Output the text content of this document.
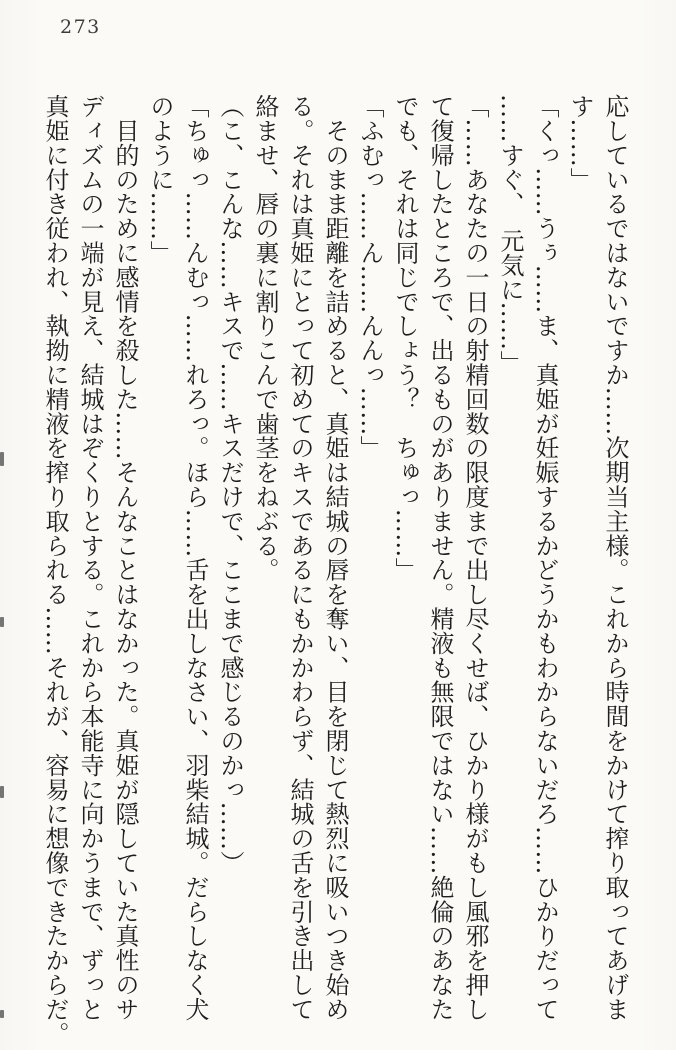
273
応しているではないですか……次期当主様。これから時間をかけて搾り取ってあげま
す……」
「くっ……うぅ……ま、真姫が妊娠するかどうかもわからないだろ……ひかりだって
……すぐ、　元気に……」
「……あなたの一日の射精回数の限度まで出し尽くせば、ひかり様がもし風邪を押し
て復帰したところで、出るものがありません。精液も無限ではない……絶倫のあなた
でも、それは同じでしょう？　ちゅっ……」
「ふむっ……ん……んんっ……」
　そのまま距離を詰めると、真姫は結城の唇を奪い、目を閉じて熱烈に吸いつき始め
る。それは真姫にとって初めてのキスであるにもかかわらず、結城の舌を引き出して
絡ませ、唇の裏に割りこんで歯茎をねぶる。
（こ、こんな……キスで……キスだけで、ここまで感じるのかっ……）
「ちゅっ……んむっ……れろっ。ほら……舌を出しなさい、羽柴結城。だらしなく犬
のように……」
　目的のために感情を殺した……そんなことはなかった。真姫が隠していた真性のサ
ディズムの一端が見え、結城はぞくりとする。これから本能寺に向かうまで、ずっと
真姫に付き従われ、執拗に精液を搾り取られる……それが、容易に想像できたからだ。
